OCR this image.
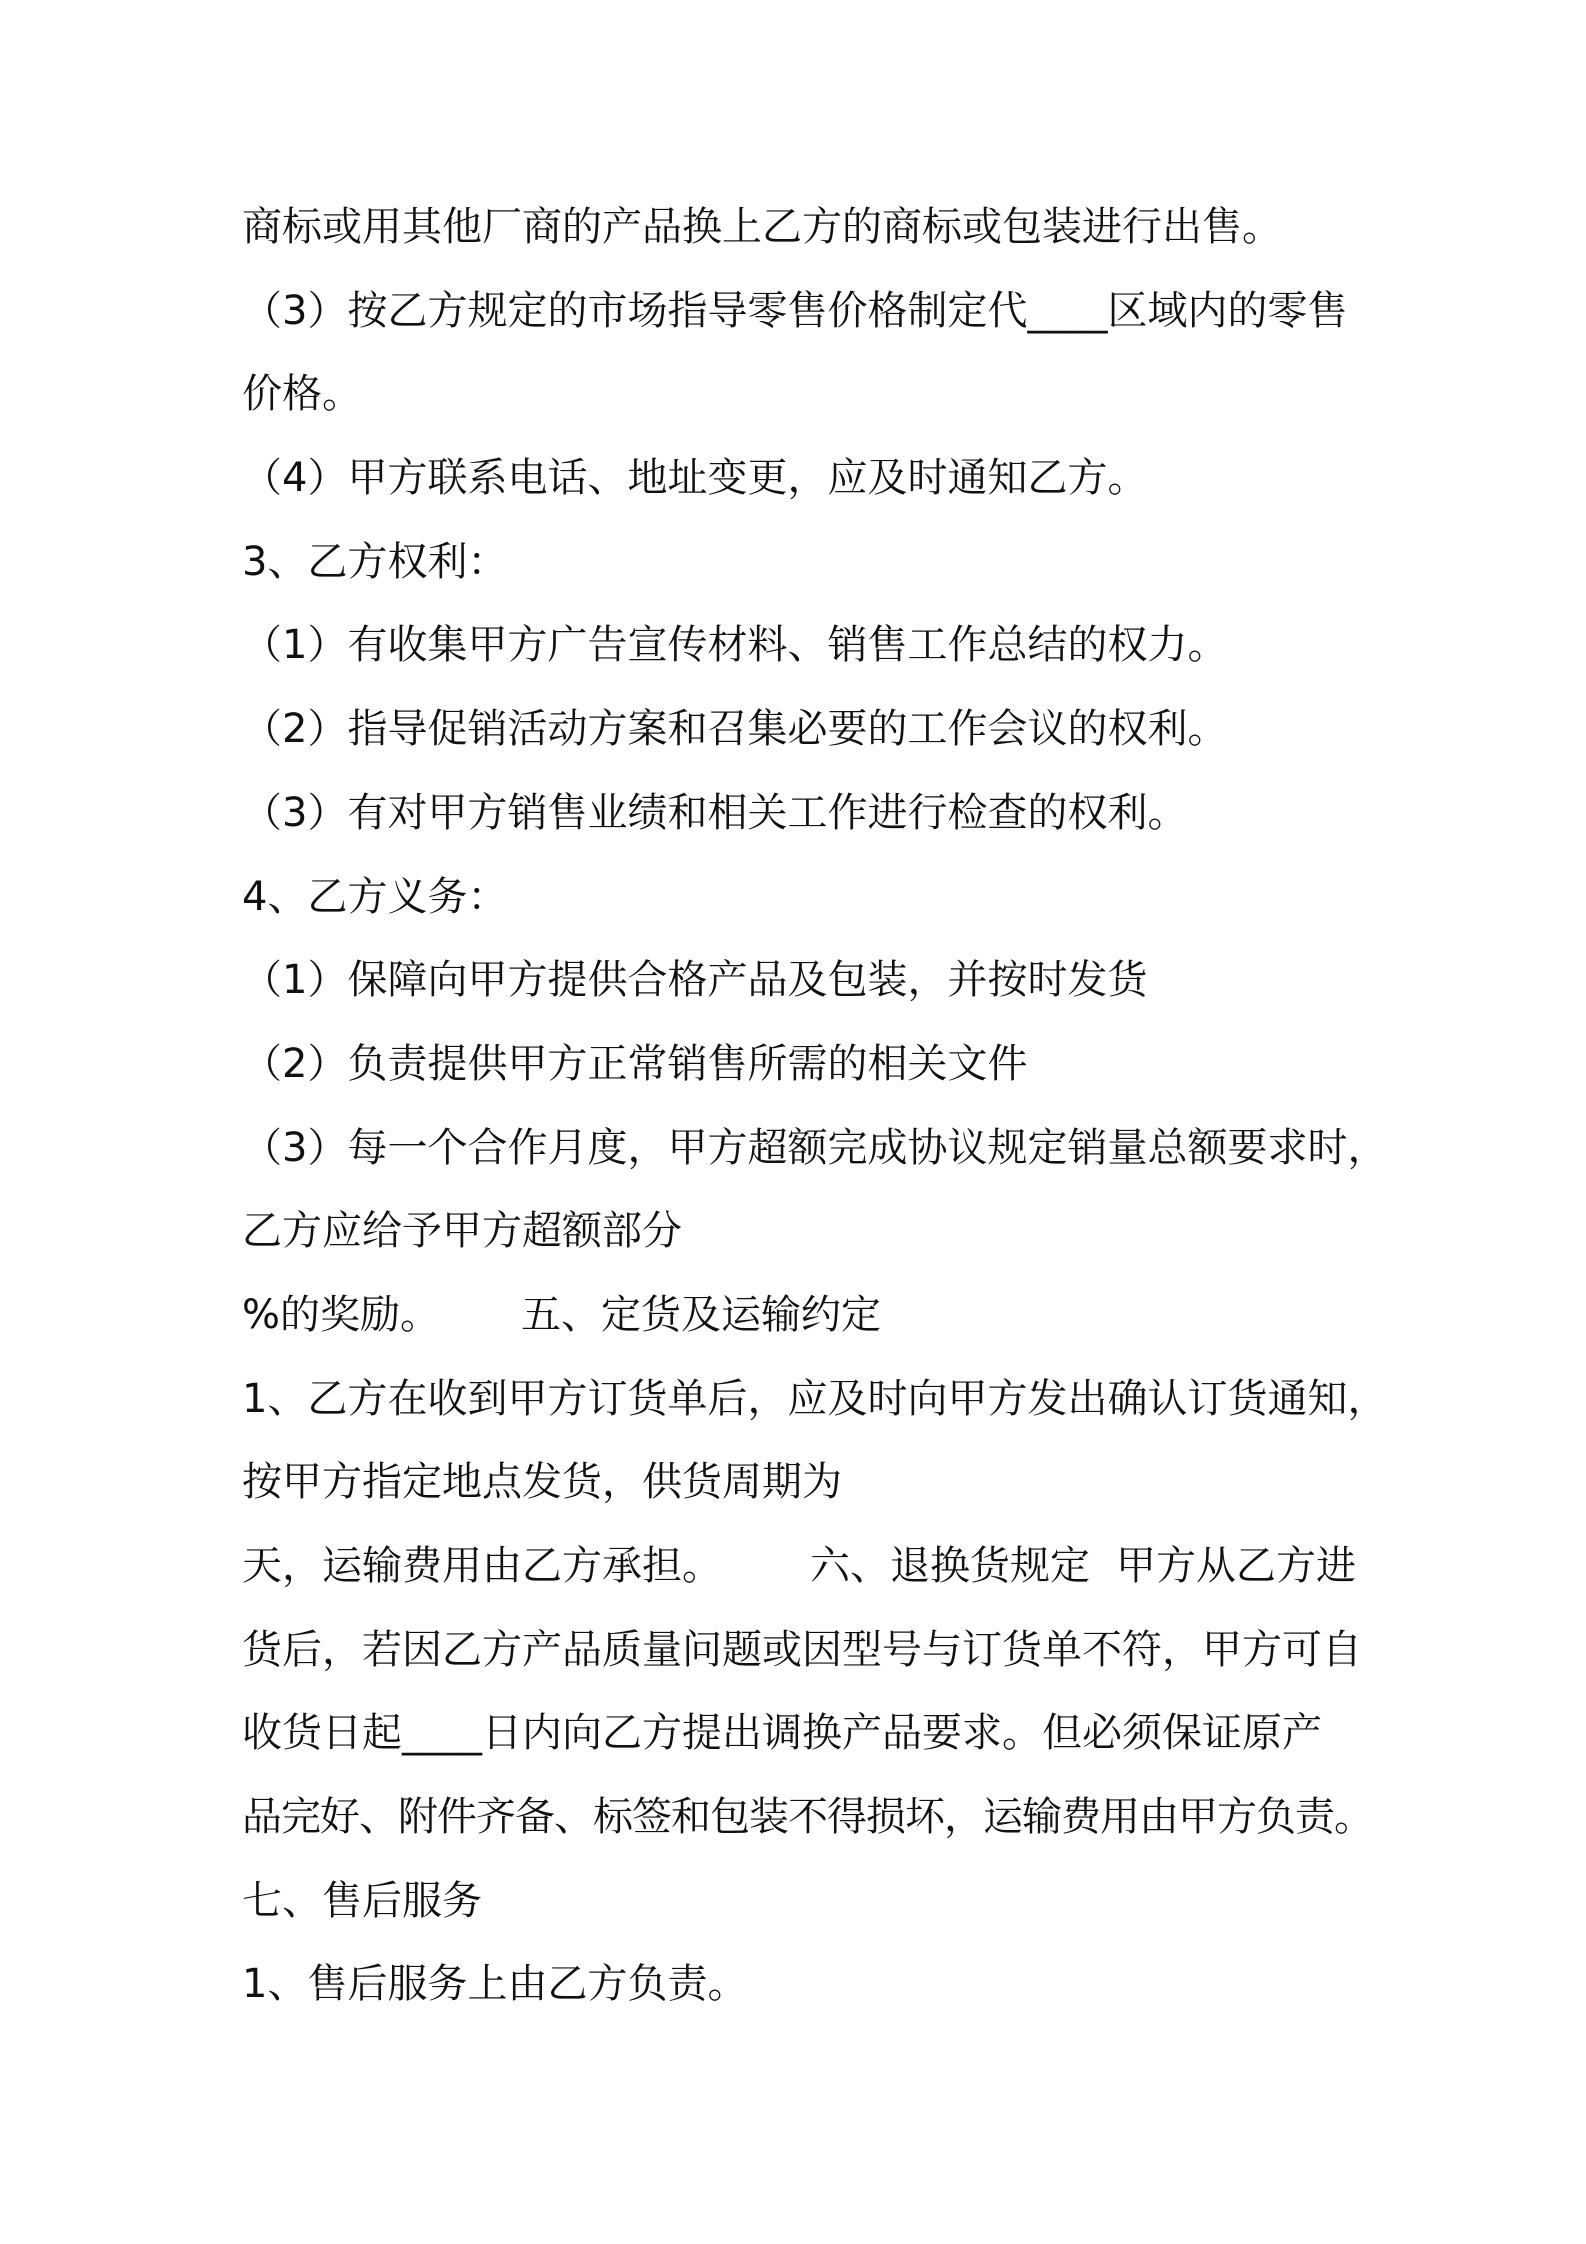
商标或用其他厂商的产品换上乙方的商标或包装进行出售。
（3）按乙方规定的市场指导零售价格制定代____区域内的零售
价格。
（4）甲方联系电话、地址变更，应及时通知乙方。
3、乙方权利：
（1）有收集甲方广告宣传材料、销售工作总结的权力。
（2）指导促销活动方案和召集必要的工作会议的权利。
（3）有对甲方销售业绩和相关工作进行检查的权利。
4、乙方义务：
（1）保障向甲方提供合格产品及包装，并按时发货
（2）负责提供甲方正常销售所需的相关文件
（3）每一个合作月度，甲方超额完成协议规定销量总额要求时，
乙方应给予甲方超额部分
%的奖励。 五、定货及运输约定
1、乙方在收到甲方订货单后，应及时向甲方发出确认订货通知，
按甲方指定地点发货，供货周期为
天，运输费用由乙方承担。 六、退换货规定 甲方从乙方进
货后，若因乙方产品质量问题或因型号与订货单不符，甲方可自
收货日起____日内向乙方提出调换产品要求。但必须保证原产
品完好、附件齐备、标签和包装不得损坏，运输费用由甲方负责。
七、售后服务
1、售后服务上由乙方负责。
